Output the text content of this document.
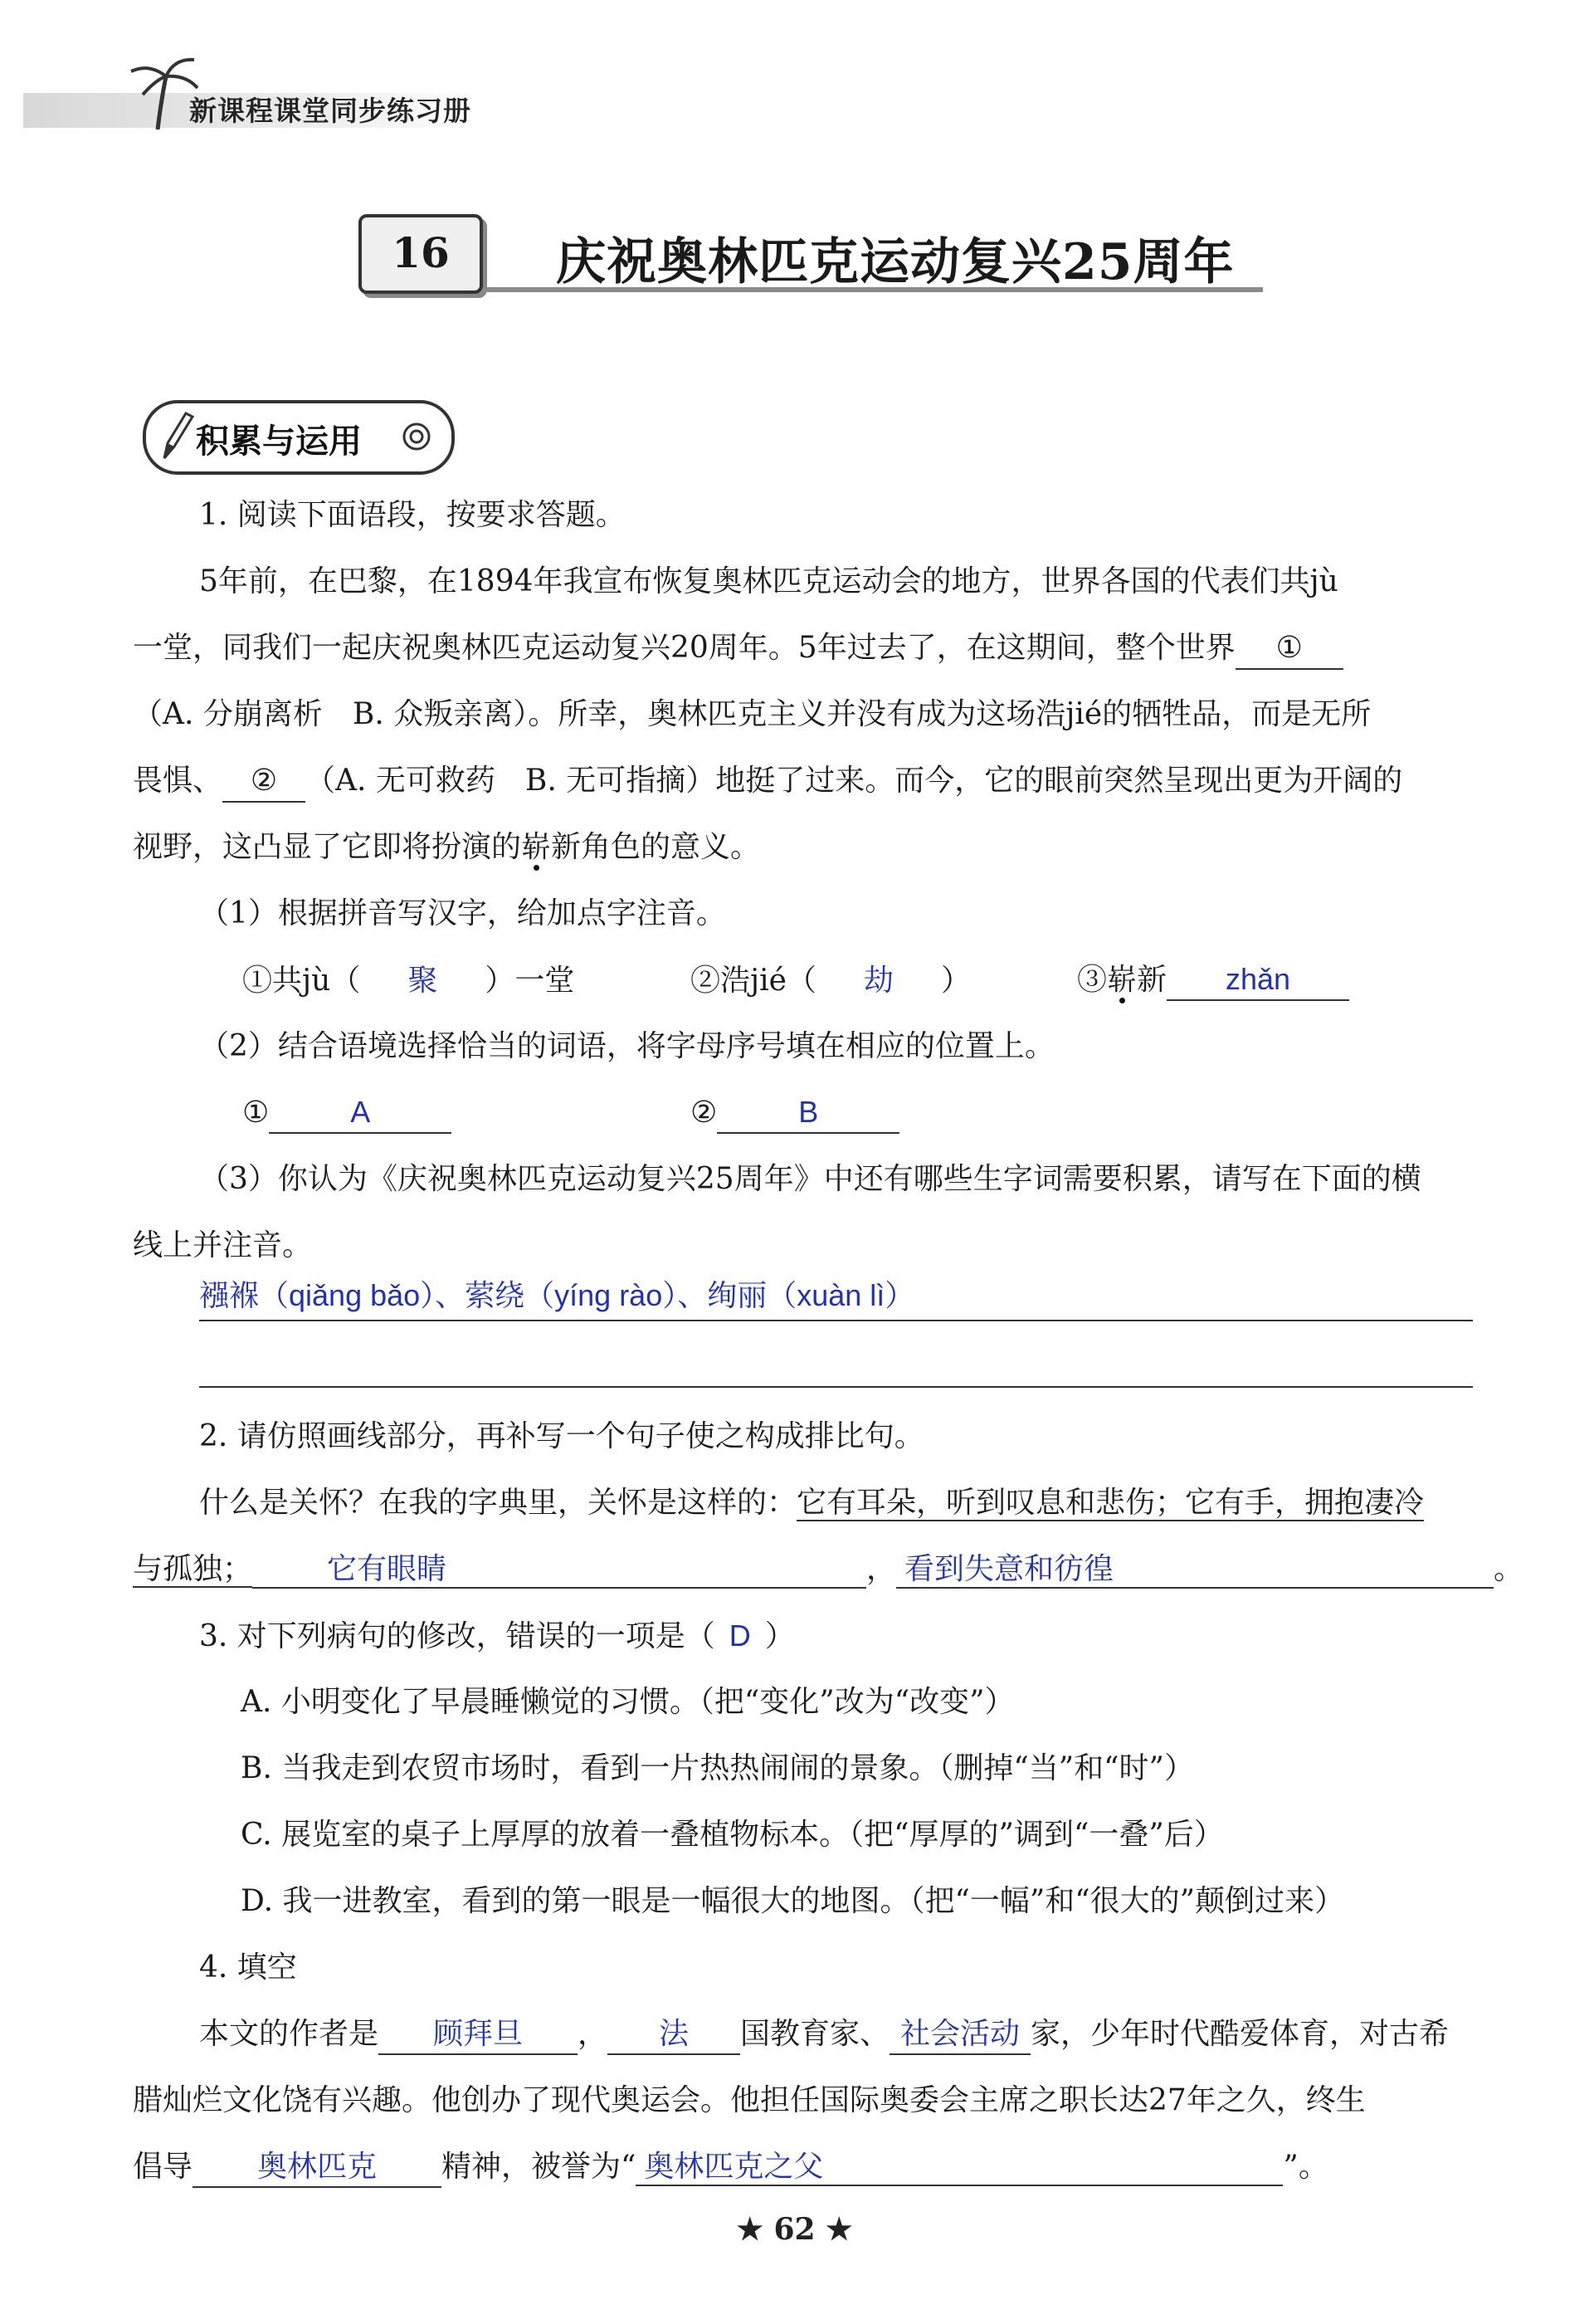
新课程课堂同步练习册
16	庆祝奥林匹克运动复兴25周年
积累与运用
1. 阅读下面语段，按要求答题。
5年前，在巴黎，在1894年我宣布恢复奥林匹克运动会的地方，世界各国的代表们共jù
一堂，同我们一起庆祝奥林匹克运动复兴20周年。5年过去了，在这期间，整个世界 ①
（A. 分崩离析　B. 众叛亲离）。所幸，奥林匹克主义并没有成为这场浩jié的牺牲品，而是无所
畏惧、 ② （A. 无可救药　B. 无可指摘）地挺了过来。而今，它的眼前突然呈现出更为开阔的
视野，这凸显了它即将扮演的崭新角色的意义。
（1）根据拼音写汉字，给加点字注音。
①共jù（ 聚 ）一堂	②浩jié（ 劫 ）	③崭新 zhǎn
（2）结合语境选择恰当的词语，将字母序号填在相应的位置上。
①	A	②	B
（3）你认为《庆祝奥林匹克运动复兴25周年》中还有哪些生字词需要积累，请写在下面的横
线上并注音。
襁褓（qiǎng bǎo）、萦绕（yíng rào）、绚丽（xuàn lì）
2. 请仿照画线部分，再补写一个句子使之构成排比句。
什么是关怀？在我的字典里，关怀是这样的：它有耳朵，听到叹息和悲伤；它有手，拥抱凄冷
与孤独；	它有眼睛	， 看到失意和彷徨	。
3. 对下列病句的修改，错误的一项是（ D ）
A. 小明变化了早晨睡懒觉的习惯。（把“变化”改为“改变”）
B. 当我走到农贸市场时，看到一片热热闹闹的景象。（删掉“当”和“时”）
C. 展览室的桌子上厚厚的放着一叠植物标本。（把“厚厚的”调到“一叠”后）
D. 我一进教室，看到的第一眼是一幅很大的地图。（把“一幅”和“很大的”颠倒过来）
4. 填空
本文的作者是 顾拜旦 ， 法 国教育家、 社会活动 家，少年时代酷爱体育，对古希
腊灿烂文化饶有兴趣。他创办了现代奥运会。他担任国际奥委会主席之职长达27年之久，终生
倡导 奥林匹克 精神，被誉为“ 奥林匹克之父	”。
★ 62 ★
